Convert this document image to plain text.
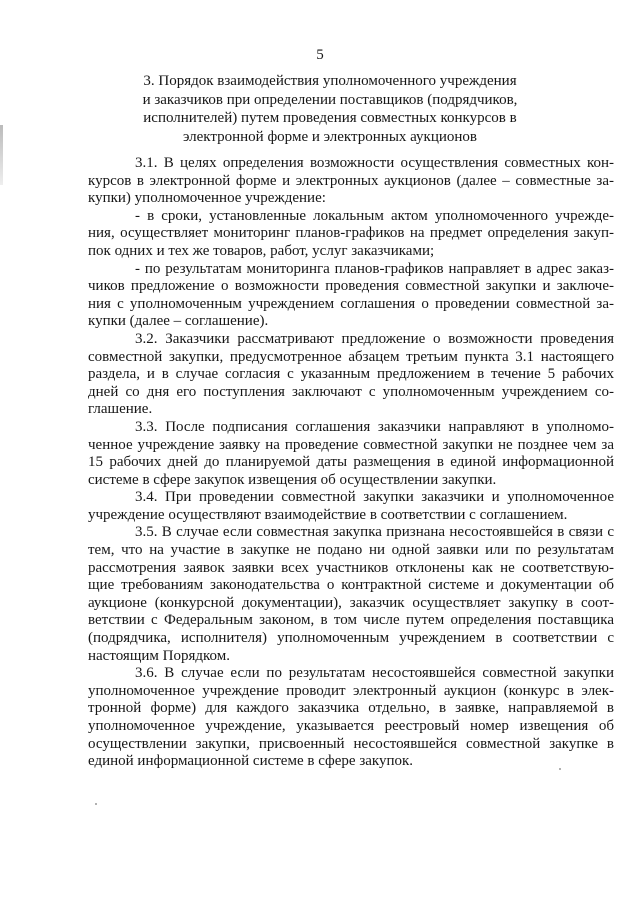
5
3. Порядок взаимодействия уполномоченного учреждения
и заказчиков при определении поставщиков (подрядчиков,
исполнителей) путем проведения совместных конкурсов в
электронной форме и электронных аукционов
3.1. В целях определения возможности осуществления совместных кон-
курсов в электронной форме и электронных аукционов (далее – совместные за-
купки) уполномоченное учреждение:
- в сроки, установленные локальным актом уполномоченного учрежде-
ния, осуществляет мониторинг планов-графиков на предмет определения закуп-
пок одних и тех же товаров, работ, услуг заказчиками;
- по результатам мониторинга планов-графиков направляет в адрес заказ-
чиков предложение о возможности проведения совместной закупки и заключе-
ния с уполномоченным учреждением соглашения о проведении совместной за-
купки (далее – соглашение).
3.2. Заказчики рассматривают предложение о возможности проведения
совместной закупки, предусмотренное абзацем третьим пункта 3.1 настоящего
раздела, и в случае согласия с указанным предложением в течение 5 рабочих
дней со дня его поступления заключают с уполномоченным учреждением со-
глашение.
3.3. После подписания соглашения заказчики направляют в уполномо-
ченное учреждение заявку на проведение совместной закупки не позднее чем за
15 рабочих дней до планируемой даты размещения в единой информационной
системе в сфере закупок извещения об осуществлении закупки.
3.4. При проведении совместной закупки заказчики и уполномоченное
учреждение осуществляют взаимодействие в соответствии с соглашением.
3.5. В случае если совместная закупка признана несостоявшейся в связи с
тем, что на участие в закупке не подано ни одной заявки или по результатам
рассмотрения заявок заявки всех участников отклонены как не соответствую-
щие требованиям законодательства о контрактной системе и документации об
аукционе (конкурсной документации), заказчик осуществляет закупку в соот-
ветствии с Федеральным законом, в том числе путем определения поставщика
(подрядчика, исполнителя) уполномоченным учреждением в соответствии с
настоящим Порядком.
3.6. В случае если по результатам несостоявшейся совместной закупки
уполномоченное учреждение проводит электронный аукцион (конкурс в элек-
тронной форме) для каждого заказчика отдельно, в заявке, направляемой в
уполномоченное учреждение, указывается реестровый номер извещения об
осуществлении закупки, присвоенный несостоявшейся совместной закупке в
единой информационной системе в сфере закупок.
